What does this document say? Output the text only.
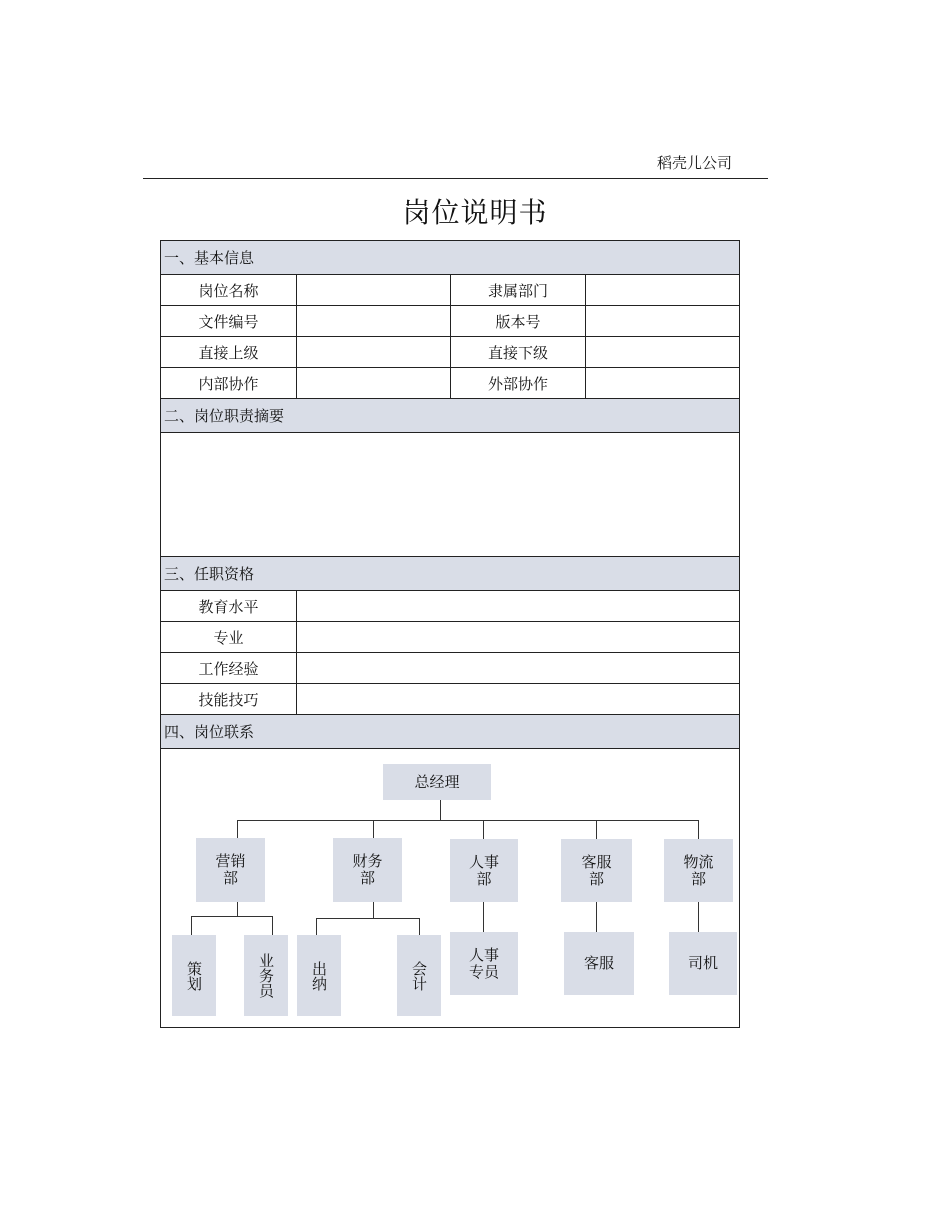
稻壳儿公司
岗位说明书
一、基本信息
岗位名称	隶属部门
文件编号	版本号
直接上级	直接下级
内部协作	外部协作
二、岗位职责摘要
三、任职资格
教育水平
专业
工作经验
技能技巧
四、岗位联系
总经理
营销
部
财务
部
人事
部
客服
部
物流
部
策划	业务员 出纳	会计
人事
专员	客服	司机
